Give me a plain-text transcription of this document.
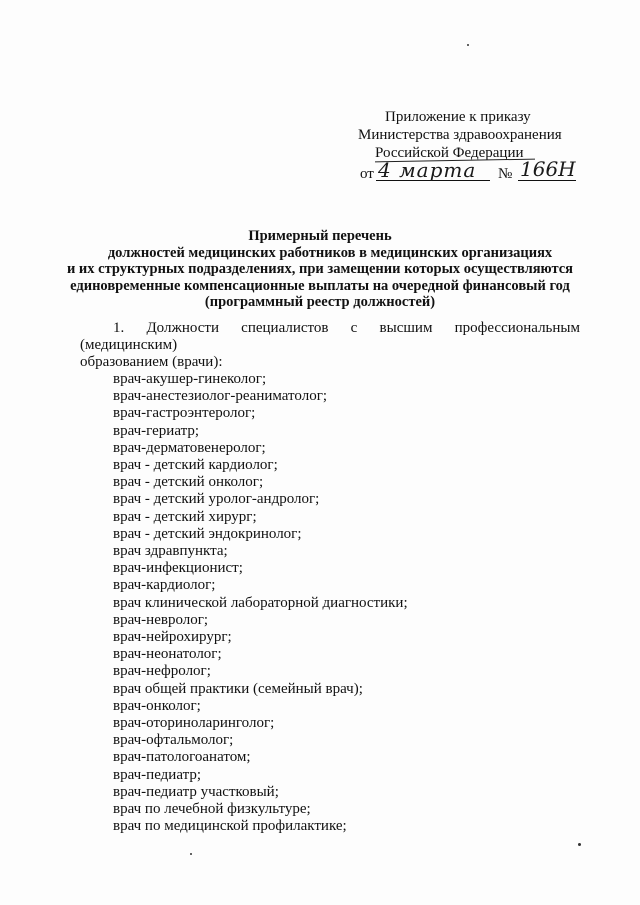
Приложение к приказу
Министерства здравоохранения
Российской Федерации
от 4 марта № 166Н
Примерный перечень
должностей медицинских работников в медицинских организациях
и их структурных подразделениях, при замещении которых осуществляются
единовременные компенсационные выплаты на очередной финансовый год
(программный реестр должностей)

1. Должности специалистов с высшим профессиональным (медицинским)

образованием (врачи):

врач-акушер-гинеколог;
врач-анестезиолог-реаниматолог;
врач-гастроэнтеролог;
врач-гериатр;
врач-дерматовенеролог;
врач - детский кардиолог;
врач - детский онколог;
врач - детский уролог-андролог;
врач - детский хирург;
врач - детский эндокринолог;
врач здравпункта;
врач-инфекционист;
врач-кардиолог;
врач клинической лабораторной диагностики;
врач-невролог;
врач-нейрохирург;
врач-неонатолог;
врач-нефролог;
врач общей практики (семейный врач);
врач-онколог;
врач-оториноларинголог;
врач-офтальмолог;
врач-патологоанатом;
врач-педиатр;
врач-педиатр участковый;
врач по лечебной физкультуре;
врач по медицинской профилактике;
